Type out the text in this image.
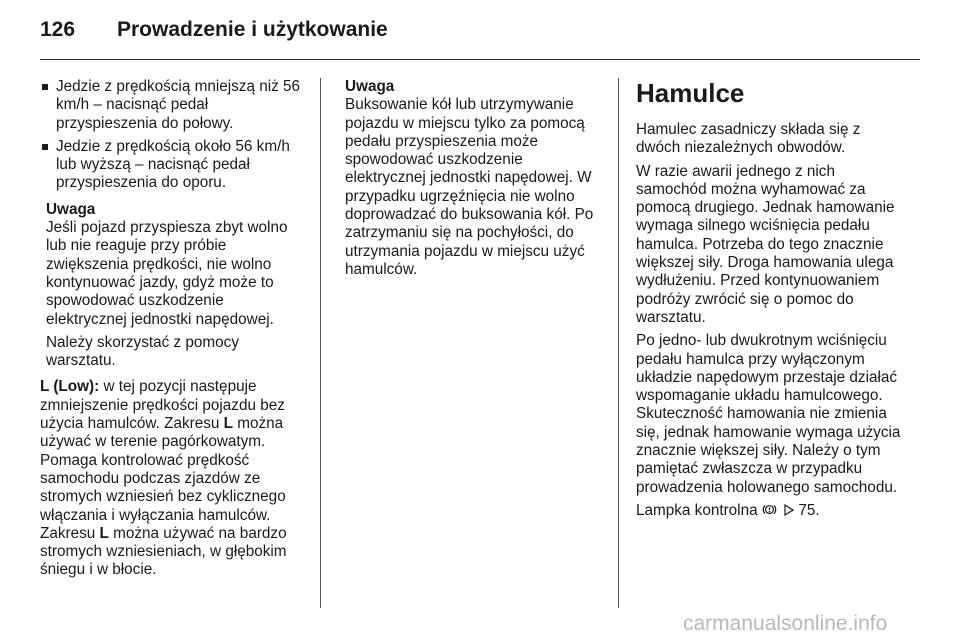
126 Prowadzenie i użytkowanie
Jedzie z prędkością mniejszą niż 56 km/h – nacisnąć pedał przyspieszenia do połowy.
Jedzie z prędkością około 56 km/h lub wyższą – nacisnąć pedał przyspieszenia do oporu.
Uwaga

Jeśli pojazd przyspiesza zbyt wolno lub nie reaguje przy próbie zwiększenia prędkości, nie wolno kontynuować jazdy, gdyż może to spowodować uszkodzenie elektrycznej jednostki napędowej.

Należy skorzystać z pomocy warsztatu.

L (Low): w tej pozycji następuje zmniejszenie prędkości pojazdu bez użycia hamulców. Zakresu L można używać w terenie pagórkowatym. Pomaga kontrolować prędkość samochodu podczas zjazdów ze stromych wzniesień bez cyklicznego włączania i wyłączania hamulców. Zakresu L można używać na bardzo stromych wzniesieniach, w głębokim śniegu i w błocie.

Uwaga

Buksowanie kół lub utrzymywanie pojazdu w miejscu tylko za pomocą pedału przyspieszenia może spowodować uszkodzenie elektrycznej jednostki napędowej. W przypadku ugrzęźnięcia nie wolno doprowadzać do buksowania kół. Po zatrzymaniu się na pochyłości, do utrzymania pojazdu w miejscu użyć hamulców.

Hamulce

Hamulec zasadniczy składa się z dwóch niezależnych obwodów.

W razie awarii jednego z nich samochód można wyhamować za pomocą drugiego. Jednak hamowanie wymaga silnego wciśnięcia pedału hamulca. Potrzeba do tego znacznie większej siły. Droga hamowania ulega wydłużeniu. Przed kontynuowaniem podróży zwrócić się o pomoc do warsztatu.

Po jedno- lub dwukrotnym wciśnięciu pedału hamulca przy wyłączonym układzie napędowym przestaje działać wspomaganie układu hamulcowego. Skuteczność hamowania nie zmienia się, jednak hamowanie wymaga użycia znacznie większej siły. Należy o tym pamiętać zwłaszcza w przypadku prowadzenia holowanego samochodu.

Lampka kontrolna	75.

carmanualsonline.info
